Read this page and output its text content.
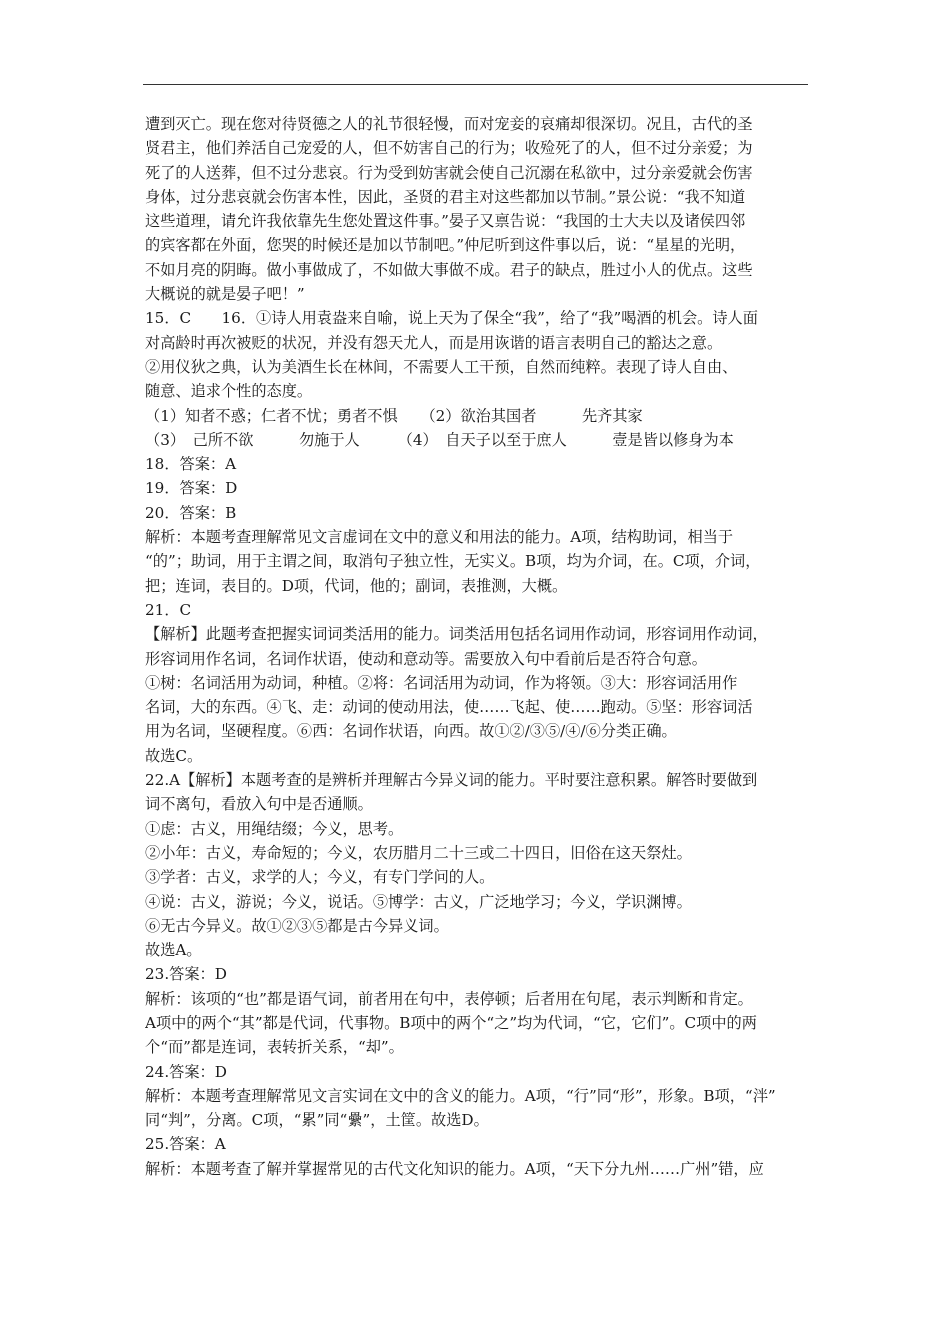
遭到灭亡。现在您对待贤德之人的礼节很轻慢，而对宠妾的哀痛却很深切。况且，古代的圣
贤君主，他们养活自己宠爱的人，但不妨害自己的行为；收殓死了的人，但不过分亲爱；为
死了的人送葬，但不过分悲哀。行为受到妨害就会使自己沉溺在私欲中，过分亲爱就会伤害
身体，过分悲哀就会伤害本性，因此，圣贤的君主对这些都加以节制。”景公说：“我不知道
这些道理，请允许我依靠先生您处置这件事。”晏子又禀告说：“我国的士大夫以及诸侯四邻
的宾客都在外面，您哭的时候还是加以节制吧。”仲尼听到这件事以后，说：“星星的光明，
不如月亮的阴晦。做小事做成了，不如做大事做不成。君子的缺点，胜过小人的优点。这些
大概说的就是晏子吧！”
15．C　　16．①诗人用袁盎来自喻，说上天为了保全“我”，给了“我”喝酒的机会。诗人面
对高龄时再次被贬的状况，并没有怨天尤人，而是用诙谐的语言表明自己的豁达之意。
②用仪狄之典，认为美酒生长在林间，不需要人工干预，自然而纯粹。表现了诗人自由、
随意、追求个性的态度。
（1）知者不惑；仁者不忧；勇者不惧　　（2）欲治其国者　　　先齐其家
（3）　己所不欲　　　勿施于人　　　（4）　自天子以至于庶人　　　壹是皆以修身为本
18．答案：A
19．答案：D
20．答案：B
解析：本题考查理解常见文言虚词在文中的意义和用法的能力。A项，结构助词，相当于
“的”；助词，用于主谓之间，取消句子独立性，无实义。B项，均为介词，在。C项，介词，
把；连词，表目的。D项，代词，他的；副词，表推测，大概。
21．C
【解析】此题考查把握实词词类活用的能力。词类活用包括名词用作动词，形容词用作动词，
形容词用作名词，名词作状语，使动和意动等。需要放入句中看前后是否符合句意。
①树：名词活用为动词，种植。②将：名词活用为动词，作为将领。③大：形容词活用作
名词，大的东西。④飞、走：动词的使动用法，使……飞起、使……跑动。⑤坚：形容词活
用为名词，坚硬程度。⑥西：名词作状语，向西。故①②/③⑤/④/⑥分类正确。
故选C。
22.A【解析】本题考查的是辨析并理解古今异义词的能力。平时要注意积累。解答时要做到
词不离句，看放入句中是否通顺。
①虑：古义，用绳结缀；今义，思考。
②小年：古义，寿命短的；今义，农历腊月二十三或二十四日，旧俗在这天祭灶。
③学者：古义，求学的人；今义，有专门学问的人。
④说：古义，游说；今义，说话。⑤博学：古义，广泛地学习；今义，学识渊博。
⑥无古今异义。故①②③⑤都是古今异义词。
故选A。
23.答案：D
解析：该项的“也”都是语气词，前者用在句中，表停顿；后者用在句尾，表示判断和肯定。
A项中的两个“其”都是代词，代事物。B项中的两个“之”均为代词，“它，它们”。C项中的两
个“而”都是连词，表转折关系，“却”。
24.答案：D
解析：本题考查理解常见文言实词在文中的含义的能力。A项，“行”同“形”，形象。B项，“泮”
同“判”，分离。C项，“累”同“纍”，土筐。故选D。
25.答案：A
解析：本题考查了解并掌握常见的古代文化知识的能力。A项，“天下分九州……广州”错，应
